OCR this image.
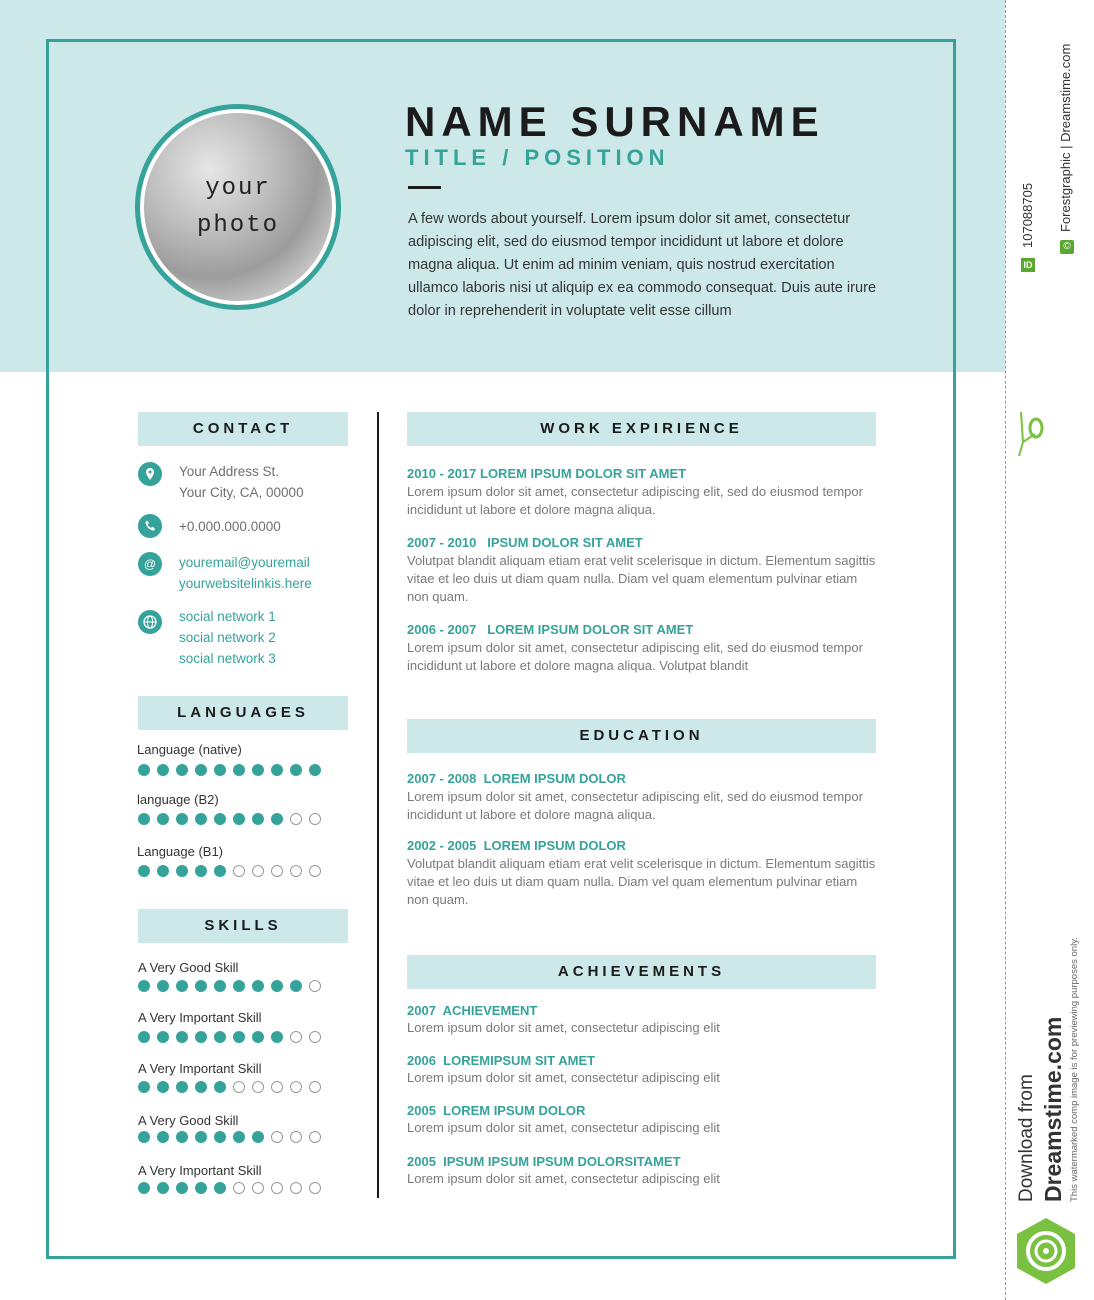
your
photo
NAME SURNAME
TITLE / POSITION
A few words about yourself. Lorem ipsum dolor sit amet, consectetur adipiscing elit, sed do eiusmod tempor incididunt ut labore et dolore magna aliqua. Ut enim ad minim veniam, quis nostrud exercitation ullamco laboris nisi ut aliquip ex ea commodo consequat. Duis aute irure dolor in reprehenderit in voluptate velit esse cillum
CONTACT
Your Address St.
Your City, CA, 00000
+0.000.000.0000
@	youremail@youremail
yourwebsitelinkis.here
social network 1
social network 2
social network 3
LANGUAGES
Language (native)
language (B2)
Language (B1)
SKILLS
A Very Good Skill
A Very Important Skill
A Very Important Skill
A Very Good Skill
A Very Important Skill
WORK EXPIRIENCE
2010 - 2017 LOREM IPSUM DOLOR SIT AMET
Lorem ipsum dolor sit amet, consectetur adipiscing elit, sed do eiusmod tempor incididunt ut labore et dolore magna aliqua.
2007 - 2010   IPSUM DOLOR SIT AMET
Volutpat blandit aliquam etiam erat velit scelerisque in dictum. Elementum sagittis vitae et leo duis ut diam quam nulla. Diam vel quam elementum pulvinar etiam non quam.
2006 - 2007   LOREM IPSUM DOLOR SIT AMET
Lorem ipsum dolor sit amet, consectetur adipiscing elit, sed do eiusmod tempor incididunt ut labore et dolore magna aliqua. Volutpat blandit
EDUCATION
2007 - 2008  LOREM IPSUM DOLOR
Lorem ipsum dolor sit amet, consectetur adipiscing elit, sed do eiusmod tempor incididunt ut labore et dolore magna aliqua.
2002 - 2005  LOREM IPSUM DOLOR
Volutpat blandit aliquam etiam erat velit scelerisque in dictum. Elementum sagittis vitae et leo duis ut diam quam nulla. Diam vel quam elementum pulvinar etiam non quam.
ACHIEVEMENTS
2007  ACHIEVEMENT
Lorem ipsum dolor sit amet, consectetur adipiscing elit
2006  LOREMIPSUM SIT AMET
Lorem ipsum dolor sit amet, consectetur adipiscing elit
2005  LOREM IPSUM DOLOR
Lorem ipsum dolor sit amet, consectetur adipiscing elit
2005  IPSUM IPSUM IPSUM DOLORSITAMET
Lorem ipsum dolor sit amet, consectetur adipiscing elit
ID
107088705	©
Forestgraphic | Dreamstime.com
Download from Dreamstime.com This watermarked comp image is for previewing purposes only.
